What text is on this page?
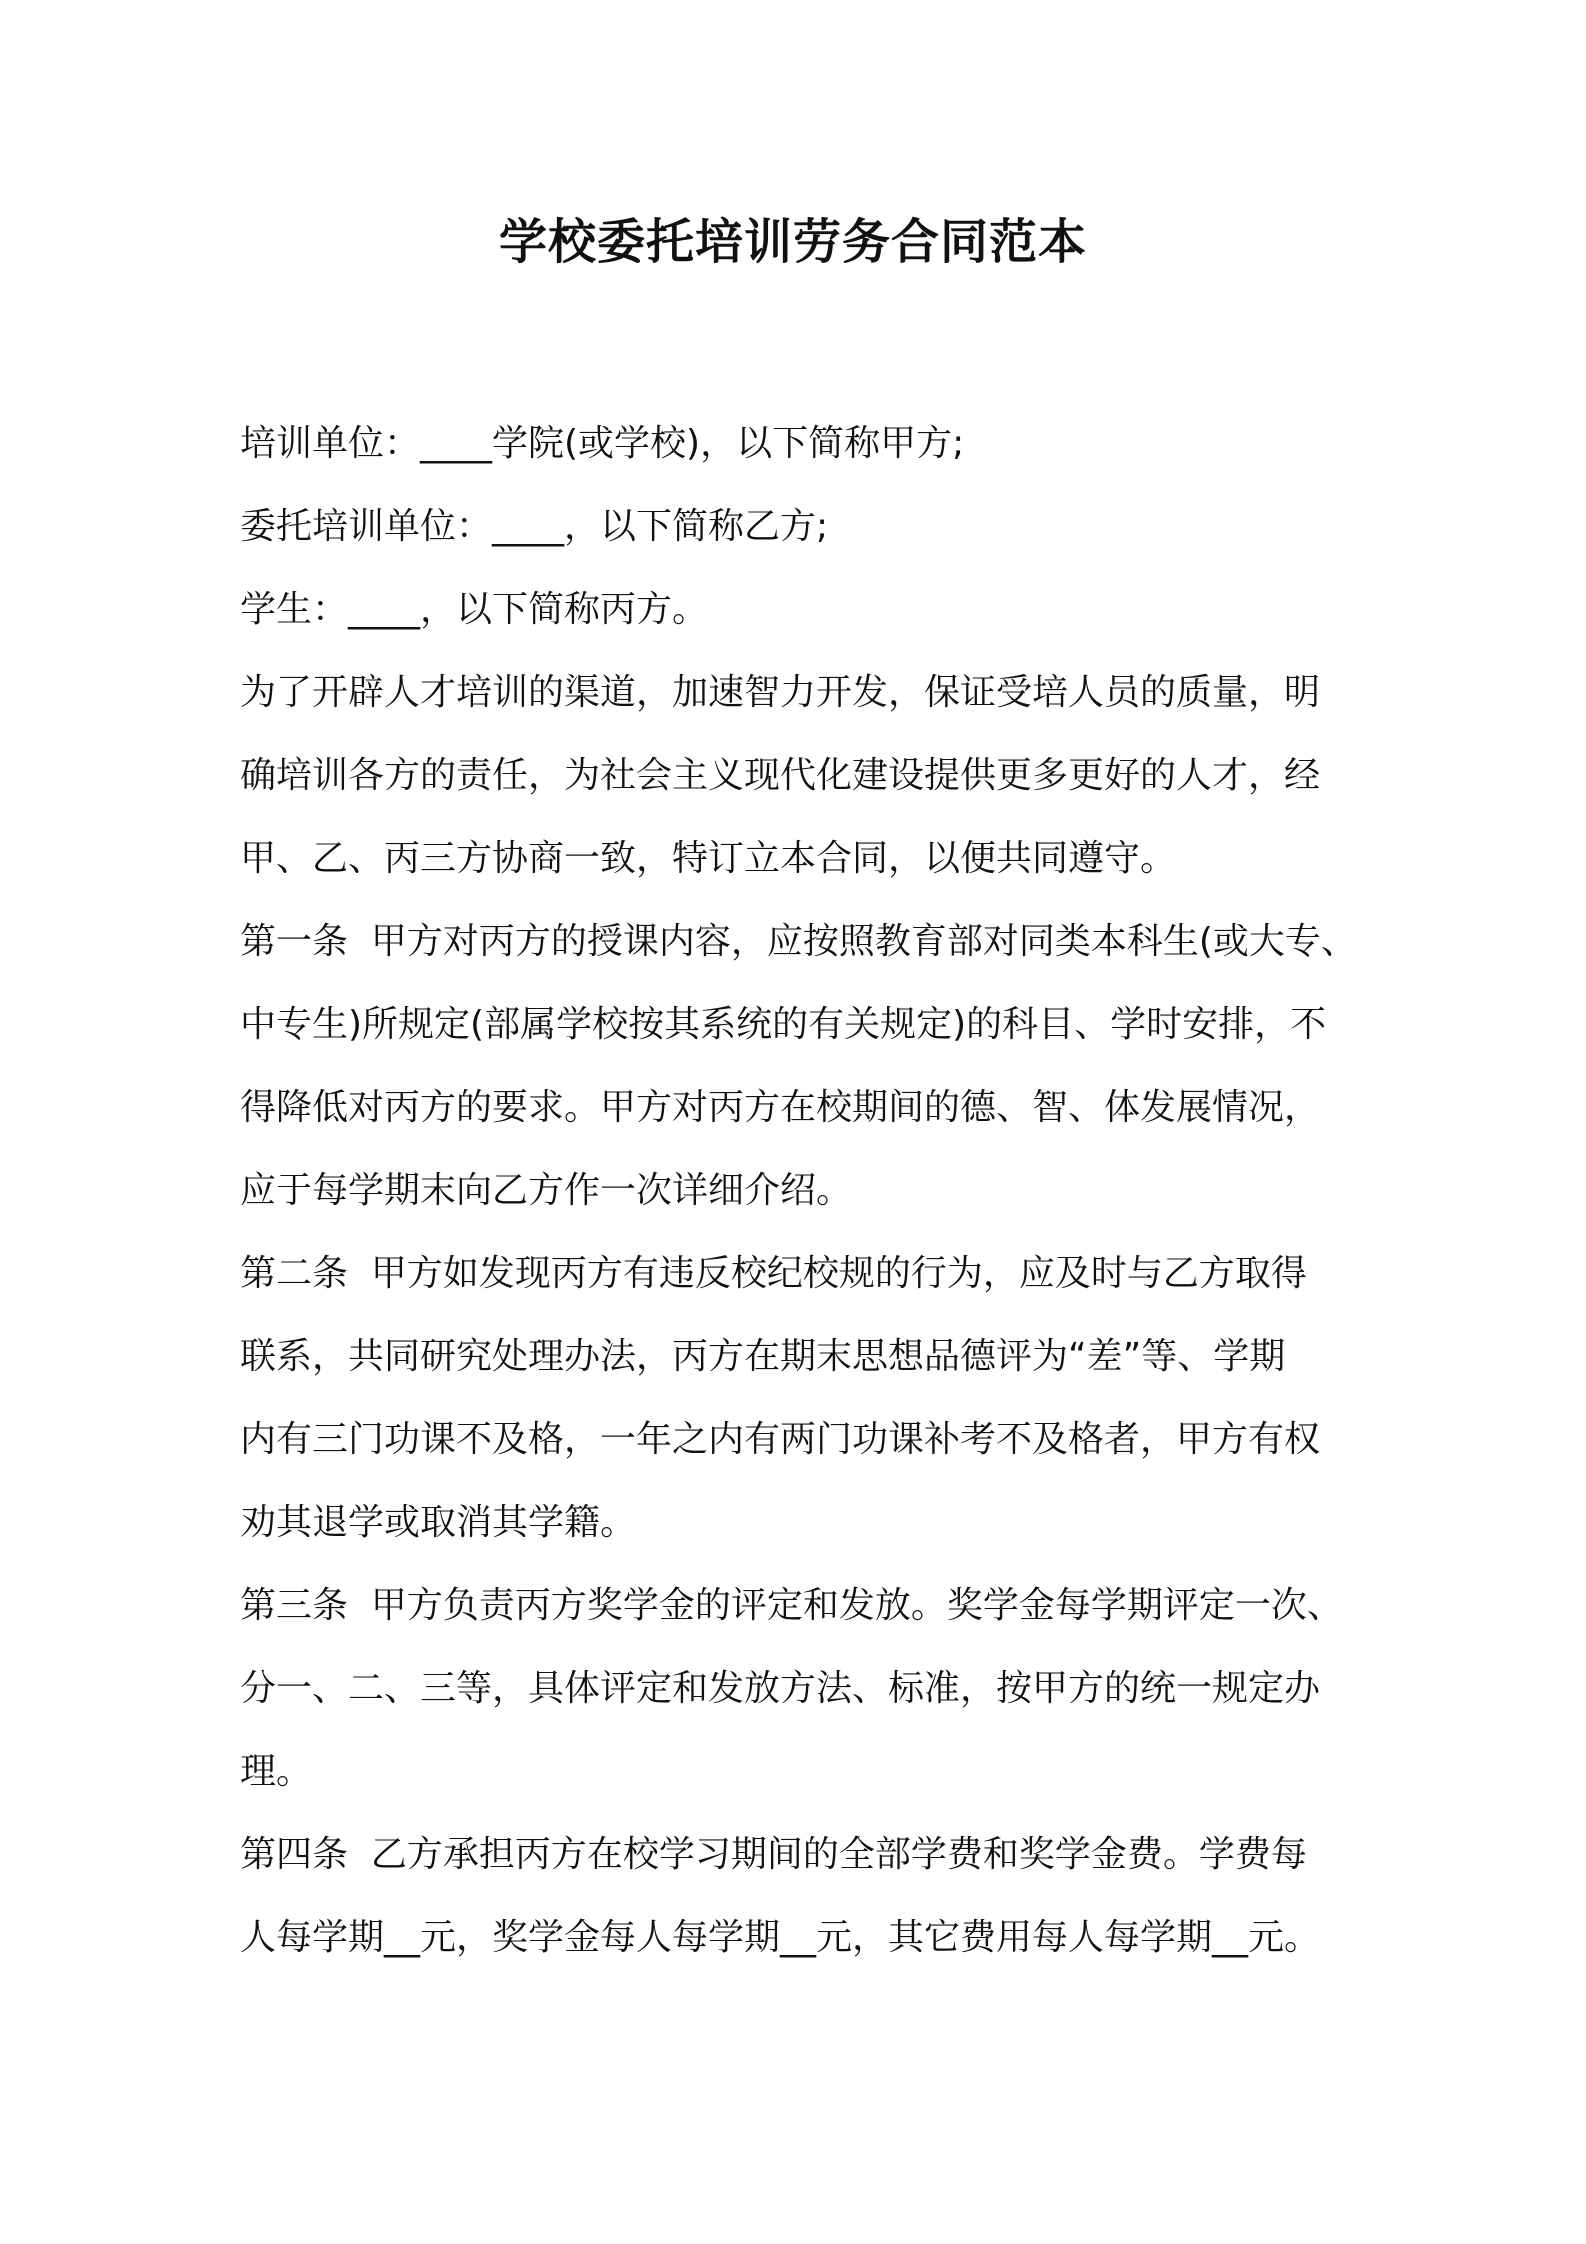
学校委托培训劳务合同范本
培训单位：____学院(或学校)，以下简称甲方;
委托培训单位：____，以下简称乙方;
学生：____，以下简称丙方。
为了开辟人才培训的渠道，加速智力开发，保证受培人员的质量，明
确培训各方的责任，为社会主义现代化建设提供更多更好的人才，经
甲、乙、丙三方协商一致，特订立本合同，以便共同遵守。
第一条  甲方对丙方的授课内容，应按照教育部对同类本科生(或大专、
中专生)所规定(部属学校按其系统的有关规定)的科目、学时安排，不
得降低对丙方的要求。甲方对丙方在校期间的德、智、体发展情况，
应于每学期末向乙方作一次详细介绍。
第二条  甲方如发现丙方有违反校纪校规的行为，应及时与乙方取得
联系，共同研究处理办法，丙方在期末思想品德评为“差”等、学期
内有三门功课不及格，一年之内有两门功课补考不及格者，甲方有权
劝其退学或取消其学籍。
第三条  甲方负责丙方奖学金的评定和发放。奖学金每学期评定一次、
分一、二、三等，具体评定和发放方法、标准，按甲方的统一规定办
理。
第四条  乙方承担丙方在校学习期间的全部学费和奖学金费。学费每
人每学期__元，奖学金每人每学期__元，其它费用每人每学期__元。
